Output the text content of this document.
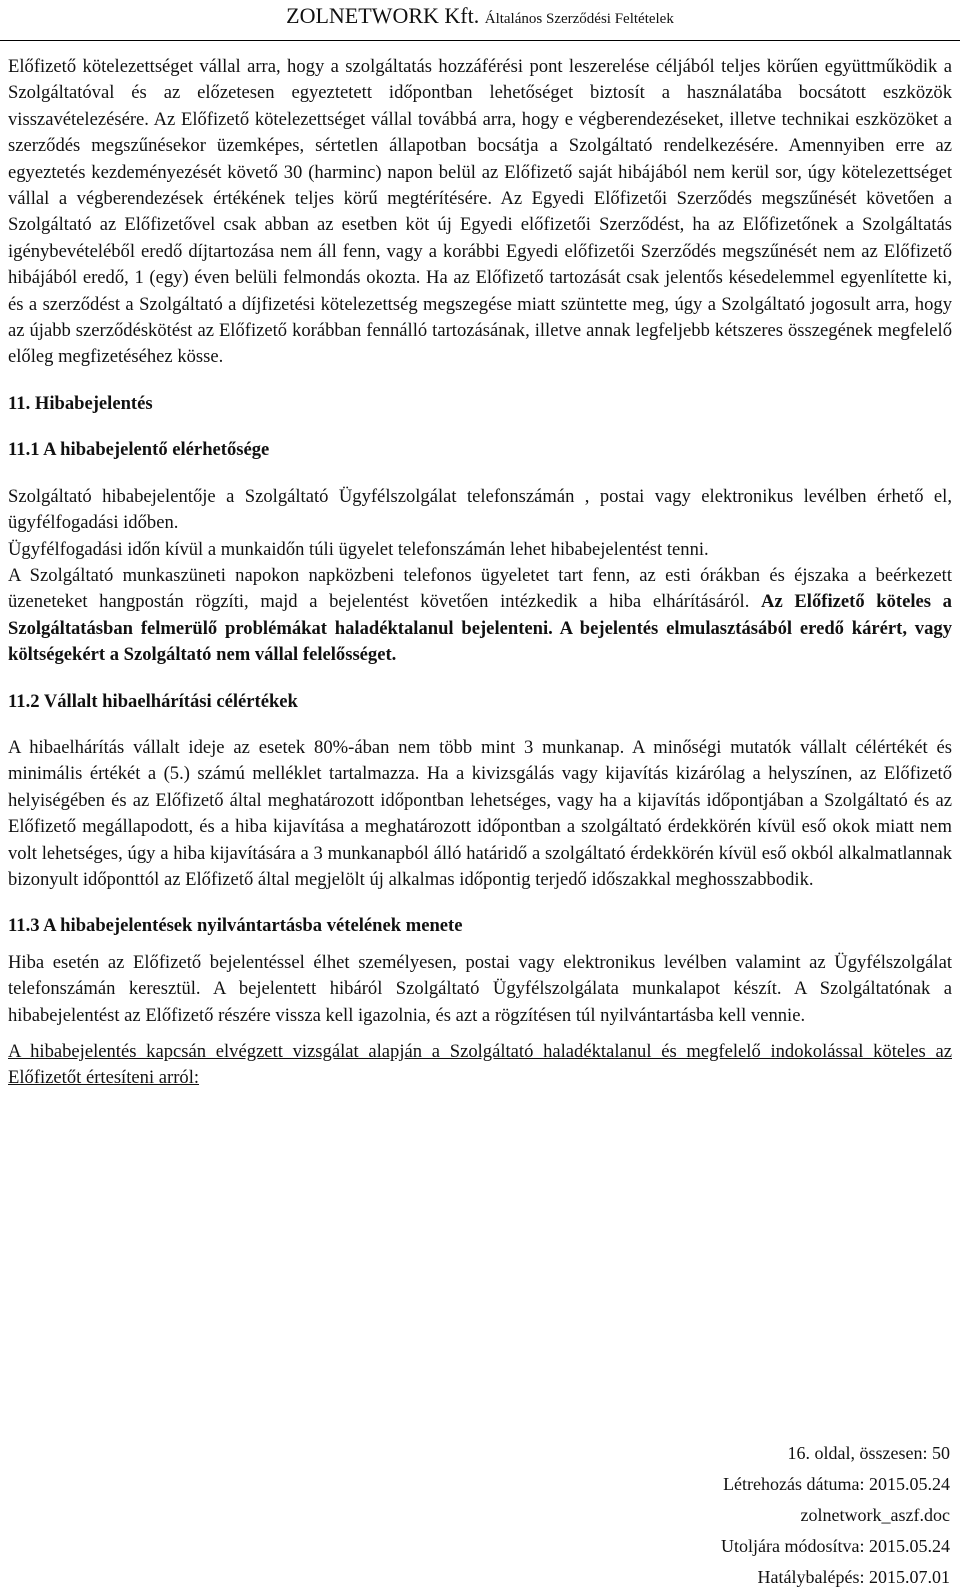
ZOLNETWORK Kft. Általános Szerződési Feltételek

Előfizető kötelezettséget vállal arra, hogy a szolgáltatás hozzáférési pont leszerelése céljából teljes körűen együttműködik a Szolgáltatóval és az előzetesen egyeztetett időpontban lehetőséget biztosít a használatába bocsátott eszközök visszavételezésére. Az Előfizető kötelezettséget vállal továbbá arra, hogy e végberendezéseket, illetve technikai eszközöket a szerződés megszűnésekor üzemképes, sértetlen állapotban bocsátja a Szolgáltató rendelkezésére. Amennyiben erre az egyeztetés kezdeményezését követő 30 (harminc) napon belül az Előfizető saját hibájából nem kerül sor, úgy kötelezettséget vállal a végberendezések értékének teljes körű megtérítésére. Az Egyedi Előfizetői Szerződés megszűnését követően a Szolgáltató az Előfizetővel csak abban az esetben köt új Egyedi előfizetői Szerződést, ha az Előfizetőnek a Szolgáltatás igénybevételéből eredő díjtartozása nem áll fenn, vagy a korábbi Egyedi előfizetői Szerződés megszűnését nem az Előfizető hibájából eredő, 1 (egy) éven belüli felmondás okozta. Ha az Előfizető tartozását csak jelentős késedelemmel egyenlítette ki, és a szerződést a Szolgáltató a díjfizetési kötelezettség megszegése miatt szüntette meg, úgy a Szolgáltató jogosult arra, hogy az újabb szerződéskötést az Előfizető korábban fennálló tartozásának, illetve annak legfeljebb kétszeres összegének megfelelő előleg megfizetéséhez kösse.

11. Hibabejelentés
11.1 A hibabejelentő elérhetősége

Szolgáltató hibabejelentője a Szolgáltató Ügyfélszolgálat telefonszámán , postai vagy elektronikus levélben érhető el, ügyfélfogadási időben.

Ügyfélfogadási időn kívül a munkaidőn túli ügyelet telefonszámán lehet hibabejelentést tenni.

A Szolgáltató munkaszüneti napokon napközbeni telefonos ügyeletet tart fenn, az esti órákban és éjszaka a beérkezett üzeneteket hangpostán rögzíti, majd a bejelentést követően intézkedik a hiba elhárításáról. Az Előfizető köteles a Szolgáltatásban felmerülő problémákat haladéktalanul bejelenteni. A bejelentés elmulasztásából eredő kárért, vagy költségekért a Szolgáltató nem vállal felelősséget.

11.2 Vállalt hibaelhárítási célértékek

A hibaelhárítás vállalt ideje az esetek 80%-ában nem több mint 3 munkanap. A minőségi mutatók vállalt célértékét és minimális értékét a (5.) számú melléklet tartalmazza. Ha a kivizsgálás vagy kijavítás kizárólag a helyszínen, az Előfizető helyiségében és az Előfizető által meghatározott időpontban lehetséges, vagy ha a kijavítás időpontjában a Szolgáltató és az Előfizető megállapodott, és a hiba kijavítása a meghatározott időpontban a szolgáltató érdekkörén kívül eső okok miatt nem volt lehetséges, úgy a hiba kijavítására a 3 munkanapból álló határidő a szolgáltató érdekkörén kívül eső okból alkalmatlannak bizonyult időponttól az Előfizető által megjelölt új alkalmas időpontig terjedő időszakkal meghosszabbodik.

11.3 A hibabejelentések nyilvántartásba vételének menete

Hiba esetén az Előfizető bejelentéssel élhet személyesen, postai vagy elektronikus levélben valamint az Ügyfélszolgálat telefonszámán keresztül. A bejelentett hibáról Szolgáltató Ügyfélszolgálata munkalapot készít. A Szolgáltatónak a hibabejelentést az Előfizető részére vissza kell igazolnia, és azt a rögzítésen túl nyilvántartásba kell vennie.

A hibabejelentés kapcsán elvégzett vizsgálat alapján a Szolgáltató haladéktalanul és megfelelő indokolással köteles az Előfizetőt értesíteni arról:

16. oldal, összesen: 50
Létrehozás dátuma: 2015.05.24
zolnetwork_aszf.doc
Utoljára módosítva: 2015.05.24
Hatálybalépés: 2015.07.01
